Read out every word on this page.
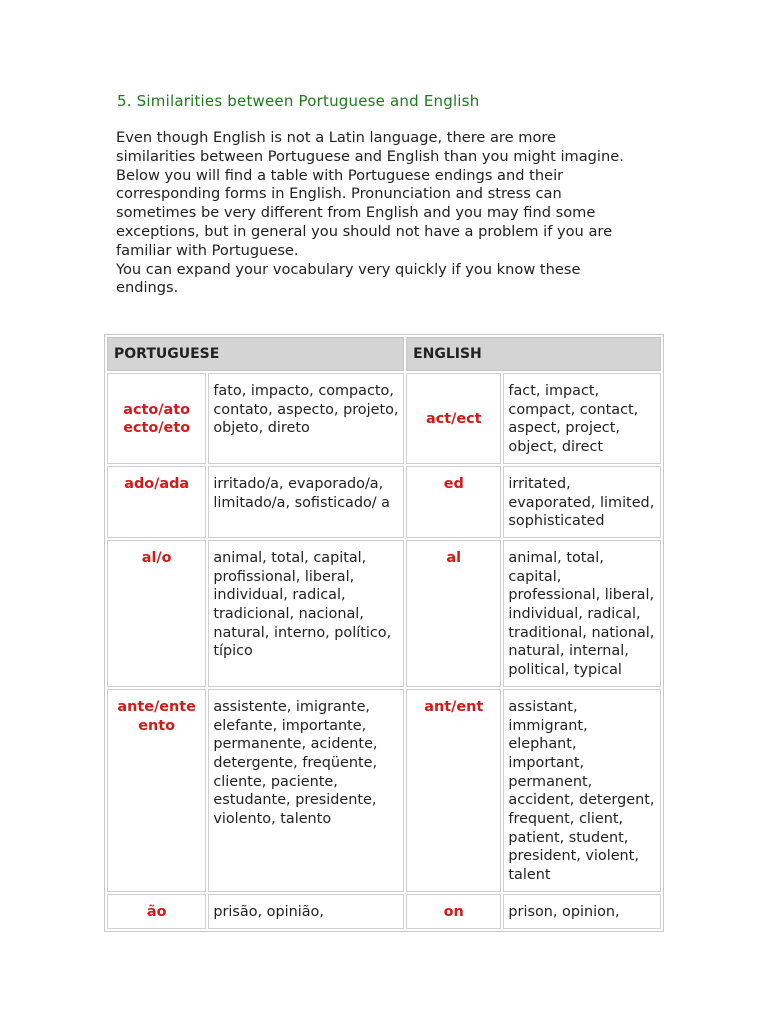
5. Similarities between Portuguese and English

Even though English is not a Latin language, there are more similarities between Portuguese and English than you might imagine.

Below you will find a table with Portuguese endings and their corresponding forms in English. Pronunciation and stress can sometimes be very different from English and you may find some exceptions, but in general you should not have a problem if you are familiar with Portuguese.

You can expand your vocabulary very quickly if you know these endings.

PORTUGUESE		ENGLISH	
acto/ato ecto/eto	fato, impacto, compacto, contato, aspecto, projeto, objeto, direto	act/ect	fact, impact, compact, contact, aspect, project, object, direct
ado/ada	irritado/a, evaporado/a, limitado/a, sofisticado/ a	ed	irritated, evaporated, limited, sophisticated
al/o	animal, total, capital, profissional, liberal, individual, radical, tradicional, nacional, natural, interno, político, típico	al	animal, total, capital, professional, liberal, individual, radical, traditional, national, natural, internal, political, typical
ante/ente ento	assistente, imigrante, elefante, importante, permanente, acidente, detergente, freqüente, cliente, paciente, estudante, presidente, violento, talento	ant/ent	assistant, immigrant, elephant, important, permanent, accident, detergent, frequent, client, patient, student, president, violent, talent
ão	prisão, opinião,	on	prison, opinion,
